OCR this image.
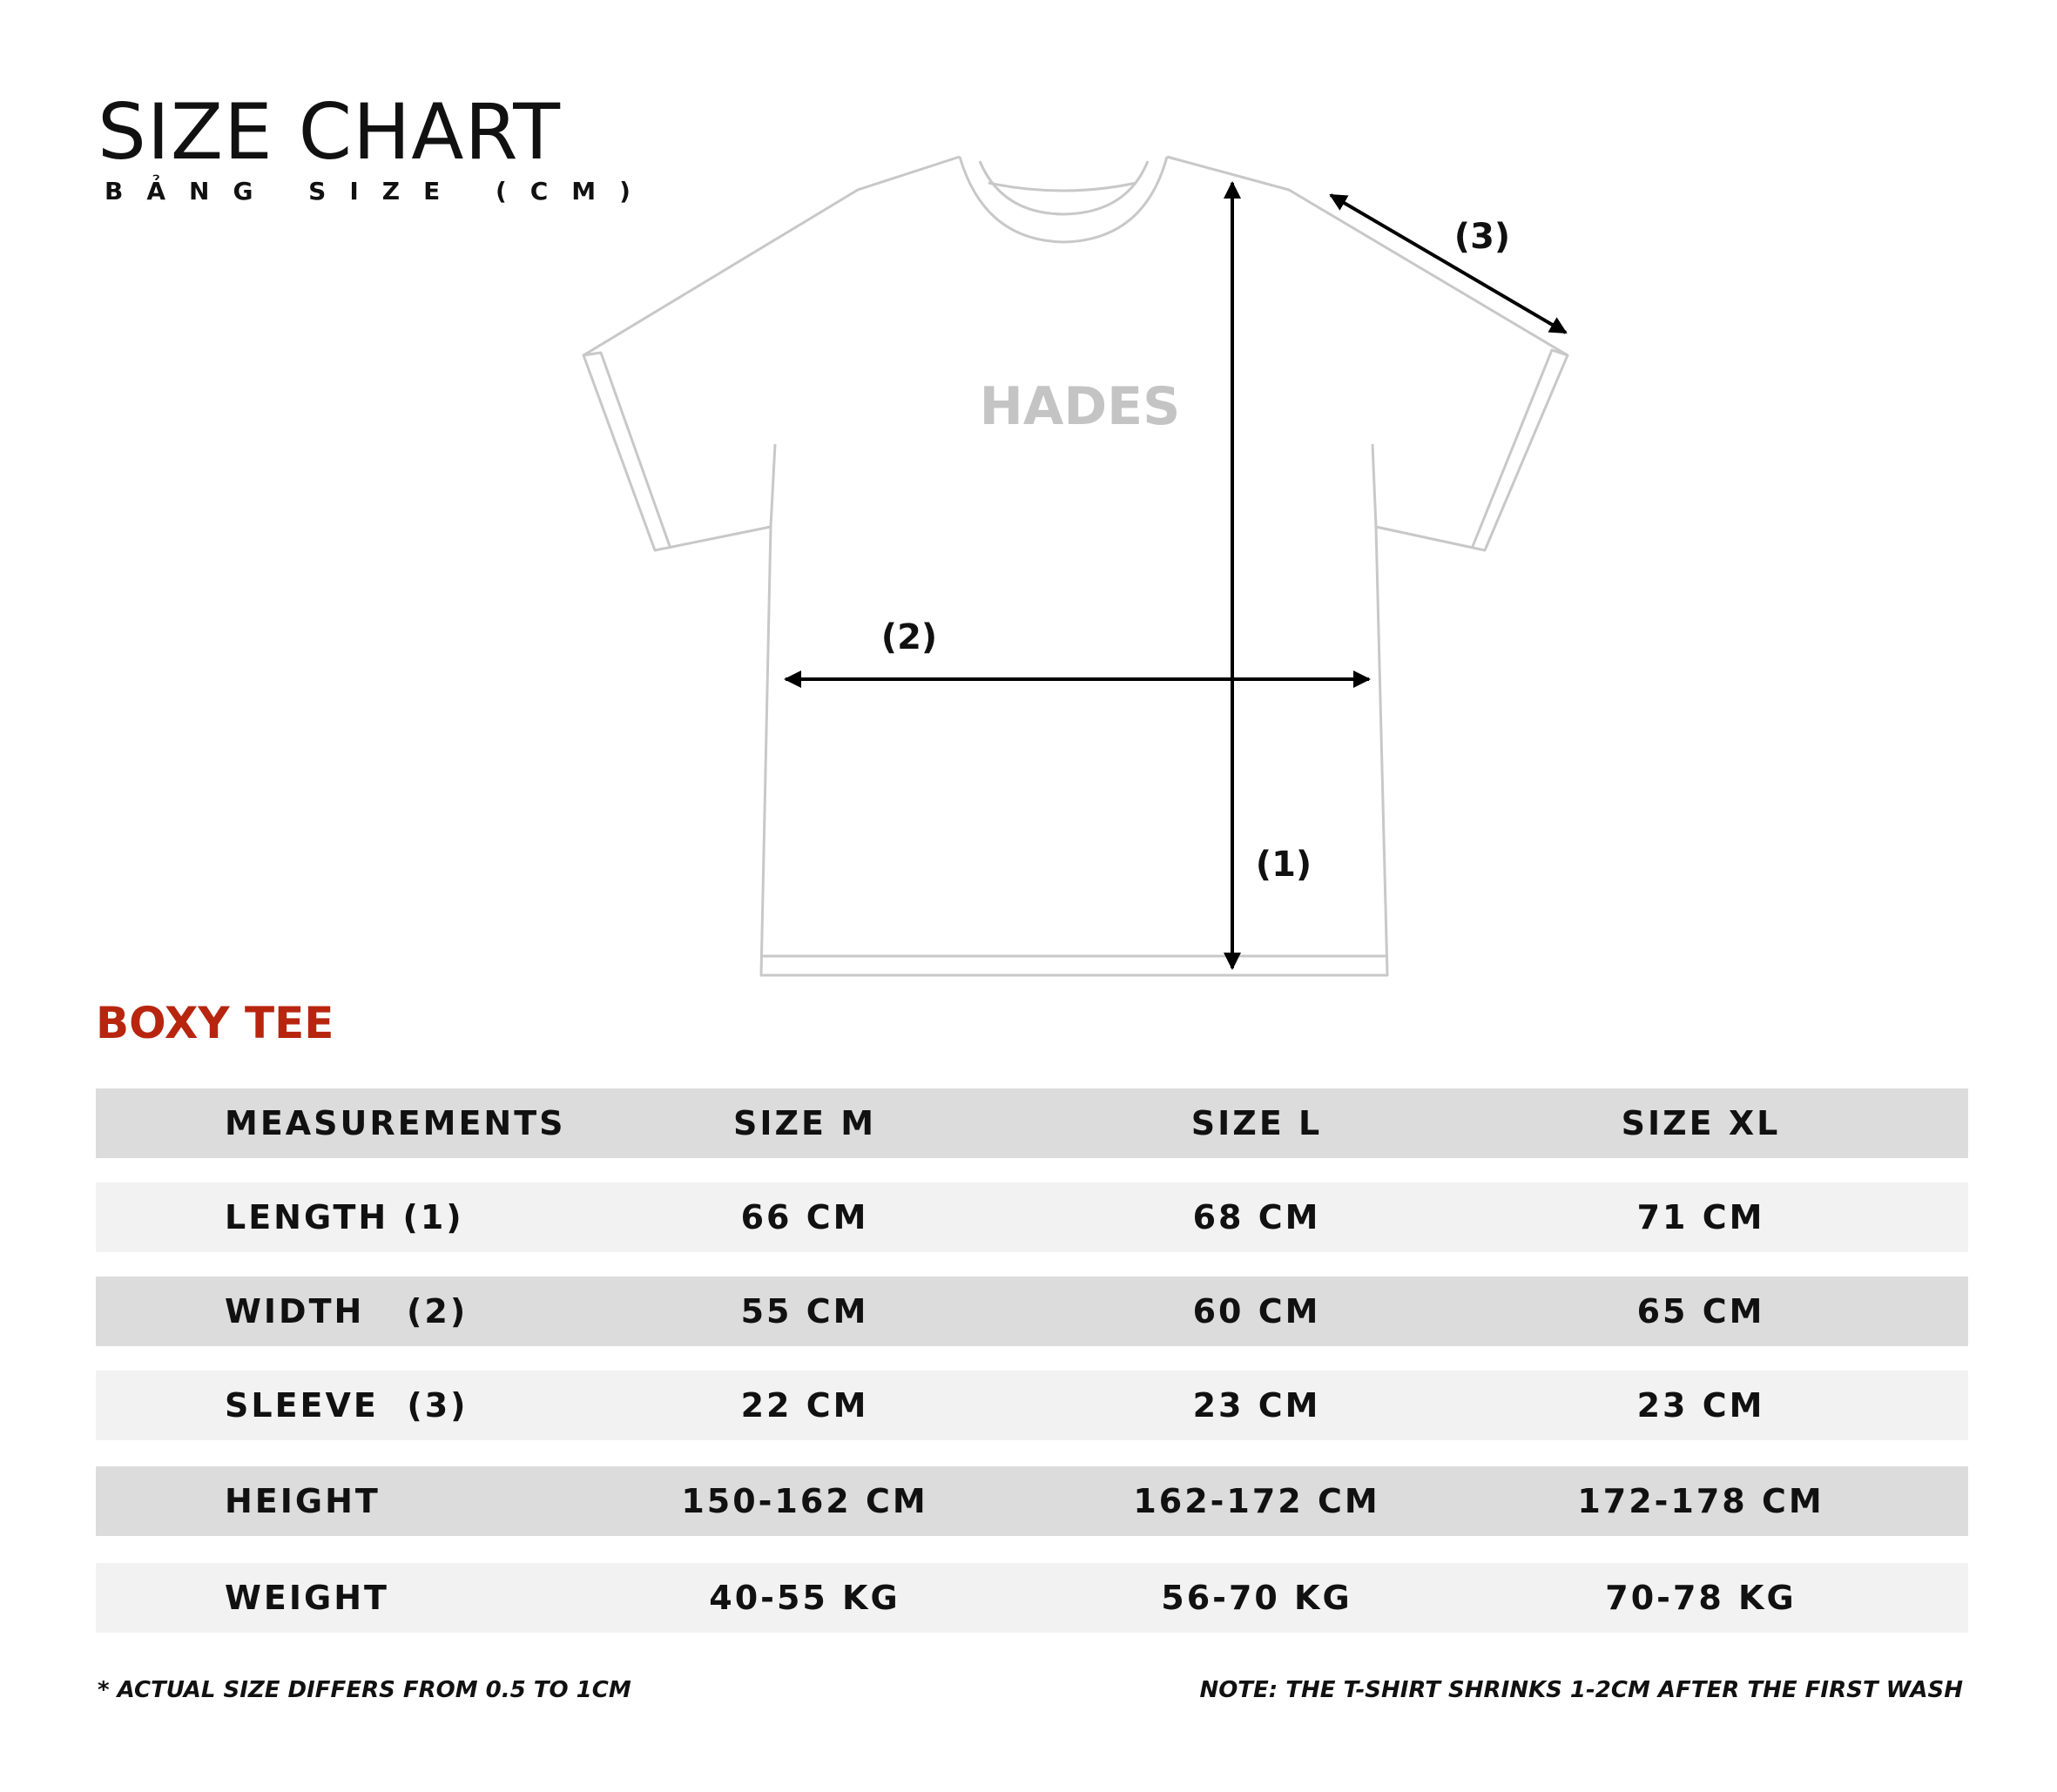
SIZE CHART
BẢNG SIZE (CM)
HADES
(1)
(2)
(3)
BOXY TEE
MEASUREMENTS	SIZE M	SIZE L	SIZE XL
LENGTH (1)	66 CM	68 CM	71 CM
WIDTH   (2)	55 CM	60 CM	65 CM
SLEEVE  (3)	22 CM	23 CM	23 CM
HEIGHT	150-162 CM	162-172 CM	172-178 CM
WEIGHT	40-55 KG	56-70 KG	70-78 KG
* ACTUAL SIZE DIFFERS FROM 0.5 TO 1CM	NOTE: THE T-SHIRT SHRINKS 1-2CM AFTER THE FIRST WASH
